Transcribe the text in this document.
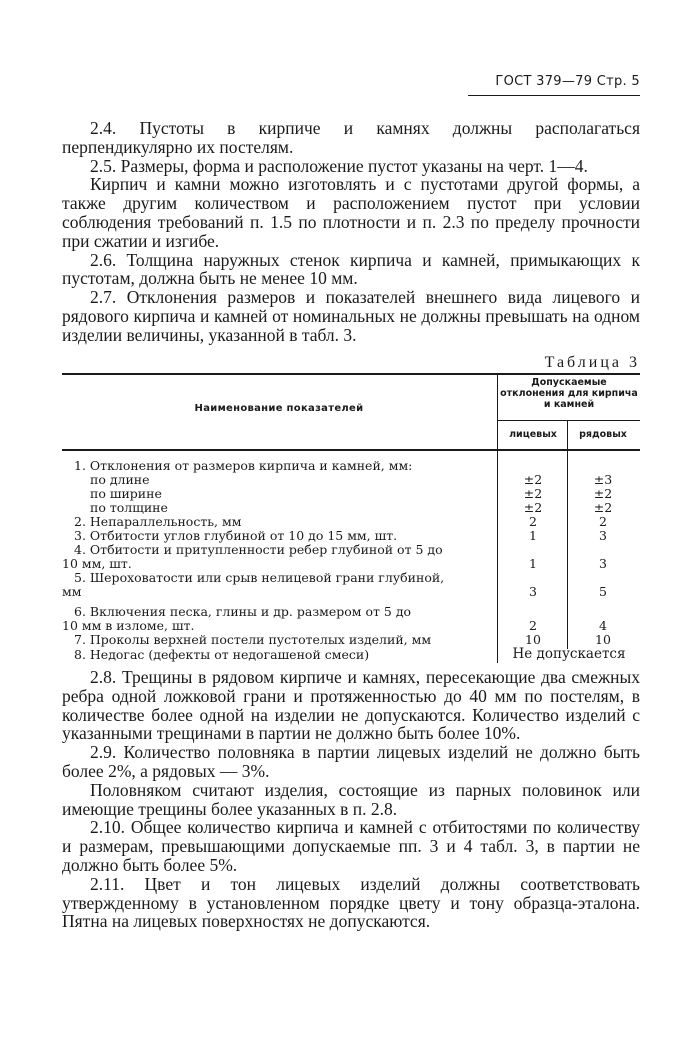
ГОСТ 379—79 Стр. 5

2.4. Пустоты в кирпиче и камнях должны располагаться перпендикулярно их постелям.

2.5. Размеры, форма и расположение пустот указаны на черт. 1—4.

Кирпич и камни можно изготовлять и с пустотами другой формы, а также другим количеством и расположением пустот при условии соблюдения требований п. 1.5 по плотности и п. 2.3 по пределу прочности при сжатии и изгибе.

2.6. Толщина наружных стенок кирпича и камней, примыкающих к пустотам, должна быть не менее 10 мм.

2.7. Отклонения размеров и показателей внешнего вида лицевого и рядового кирпича и камней от номинальных не должны превышать на одном изделии величины, указанной в табл. 3.

Таблица 3
Наименование показателей
Допускаемые отклонения для кирпича и камней
лицевых	рядовых
1. Отклонения от размеров кирпича и камней, мм:
по длине	±2	±3
по ширине	±2	±2
по толщине	±2	±2
2. Непараллельность, мм	2	2
3. Отбитости углов глубиной от 10 до 15 мм, шт.	1	3
4. Отбитости и притупленности ребер глубиной от 5 до
10 мм, шт.	1	3
5. Шероховатости или срыв нелицевой грани глубиной,
мм	3	5
6. Включения песка, глины и др. размером от 5 до
10 мм в изломе, шт.	2	4
7. Проколы верхней постели пустотелых изделий, мм	10	10
8. Недогас (дефекты от недогашеной смеси)	Не допускается

2.8. Трещины в рядовом кирпиче и камнях, пересекающие два смежных ребра одной ложковой грани и протяженностью до 40 мм по постелям, в количестве более одной на изделии не допускаются. Количество изделий с указанными трещинами в партии не должно быть более 10%.

2.9. Количество половняка в партии лицевых изделий не должно быть более 2%, а рядовых — 3%.

Половняком считают изделия, состоящие из парных половинок или имеющие трещины более указанных в п. 2.8.

2.10. Общее количество кирпича и камней с отбитостями по количеству и размерам, превышающими допускаемые пп. 3 и 4 табл. 3, в партии не должно быть более 5%.

2.11. Цвет и тон лицевых изделий должны соответствовать утвержденному в установленном порядке цвету и тону образца-эталона. Пятна на лицевых поверхностях не допускаются.
